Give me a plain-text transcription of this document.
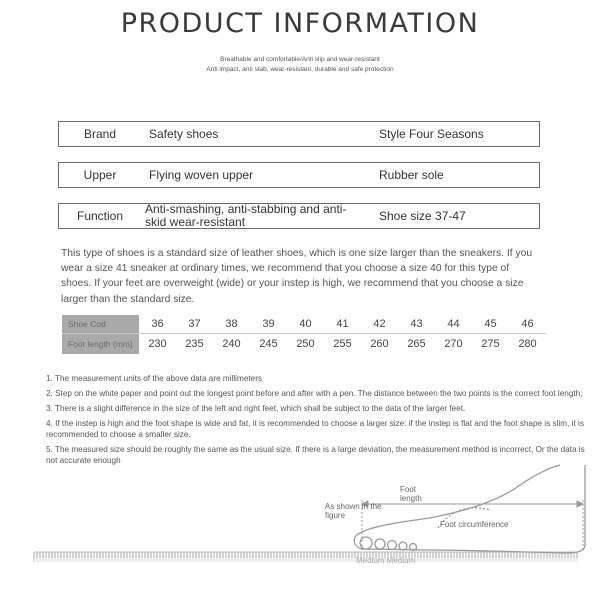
PRODUCT INFORMATION
Breathable and comfortable/Anti slip and wear-resistant
Anti impact, anti stab, wear-resistant, durable and safe protection
Brand	Safety shoes	Style Four Seasons
Upper	Flying woven upper	Rubber sole
Function	Anti-smashing, anti-stabbing and anti-skid wear-resistant	Shoe size 37-47
This type of shoes is a standard size of leather shoes, which is one size larger than the sneakers. If you wear a size 41 sneaker at ordinary times, we recommend that you choose a size 40 for this type of shoes. If your feet are overweight (wide) or your instep is high, we recommend that you choose a size larger than the standard size.
Shoe Cod	36	37	38	39	40	41	42	43	44	45	46
Foot length (mm)	230	235	240	245	250	255	260	265	270	275	280

1. The measurement units of the above data are millimeters

2. Step on the white paper and point out the longest point before and after with a pen. The distance between the two points is the correct foot length;

3. There is a slight difference in the size of the left and right feet, which shall be subject to the data of the larger feet.

4. If the instep is high and the foot shape is wide and fat, it is recommended to choose a larger size: if the instep is flat and the foot shape is slim, it is recommended to choose a smaller size.

5. The measured size should be roughly the same as the usual size. If there is a large deviation, the measurement method is incorrect, Or the data is not accurate enough

As shown in the figure
Foot length
Foot circumference
Medium Medium
